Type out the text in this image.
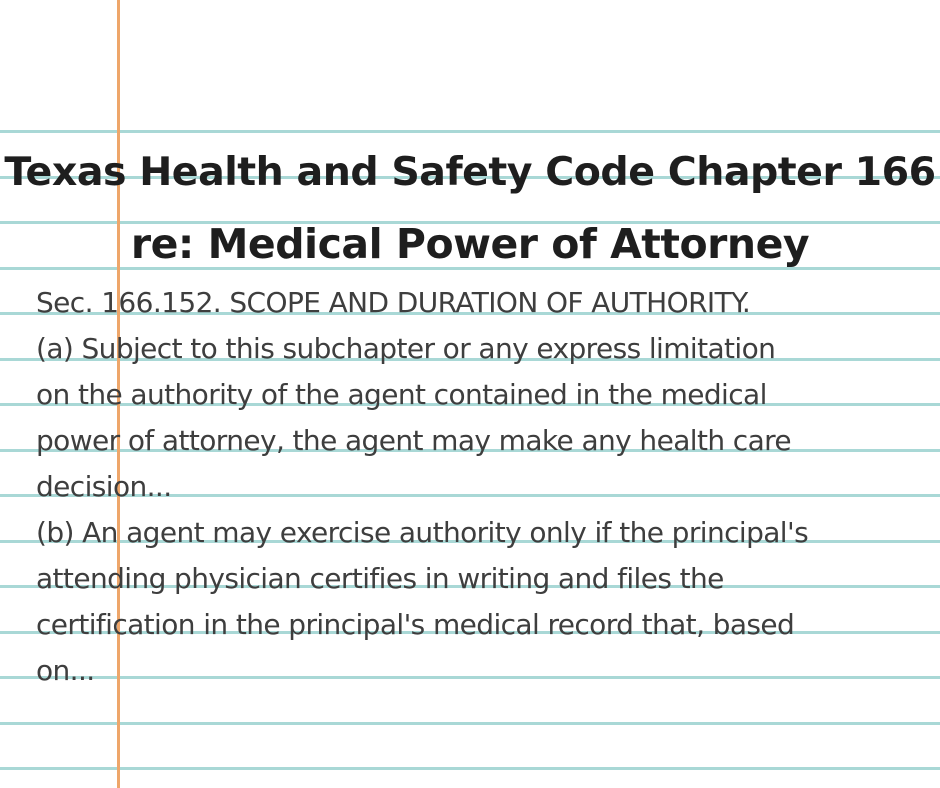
Texas Health and Safety Code Chapter 166
re: Medical Power of Attorney
Sec. 166.152. SCOPE AND DURATION OF AUTHORITY.
(a) Subject to this subchapter or any express limitation
on the authority of the agent contained in the medical
power of attorney, the agent may make any health care
decision...
(b) An agent may exercise authority only if the principal's
attending physician certifies in writing and files the
certification in the principal's medical record that, based
on...
